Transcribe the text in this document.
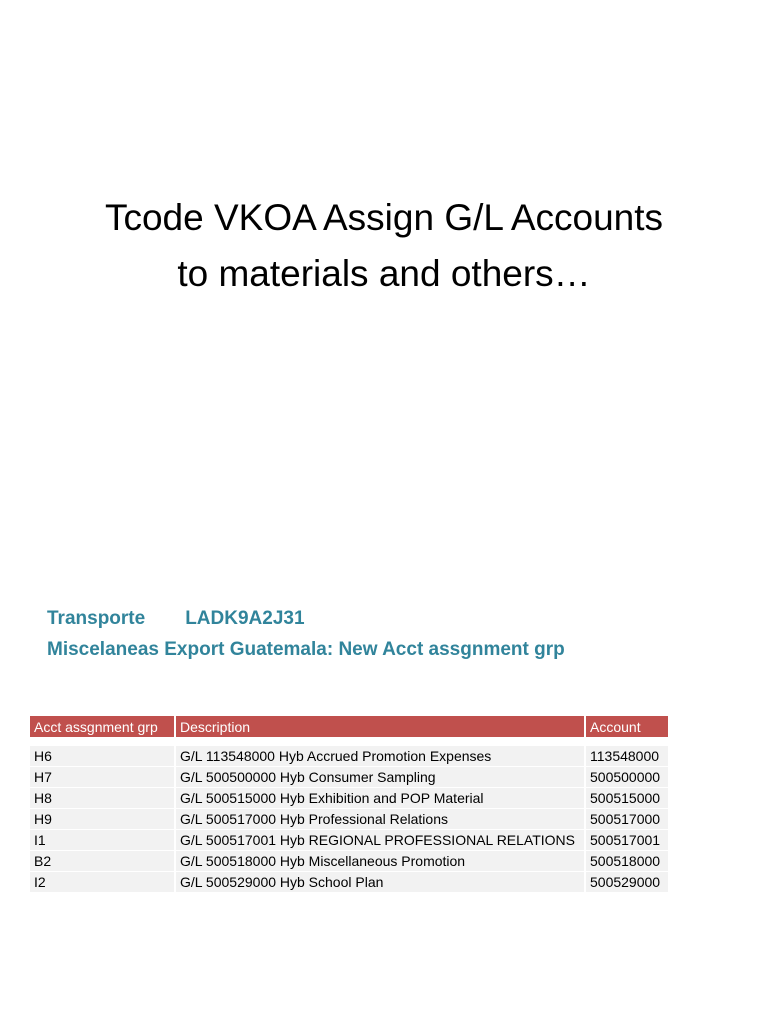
Tcode VKOA Assign G/L Accounts
to materials and others…
Transporte LADK9A2J31
Miscelaneas Export Guatemala: New Acct assgnment grp
Acct assgnment grp		Description		Account

H6		G/L 113548000 Hyb Accrued Promotion Expenses		113548000
H7		G/L 500500000 Hyb Consumer Sampling		500500000
H8		G/L 500515000 Hyb Exhibition and POP Material		500515000
H9		G/L 500517000 Hyb Professional Relations		500517000
I1		G/L 500517001 Hyb REGIONAL PROFESSIONAL RELATIONS		500517001
B2		G/L 500518000 Hyb Miscellaneous Promotion		500518000
I2		G/L 500529000 Hyb School Plan		500529000
